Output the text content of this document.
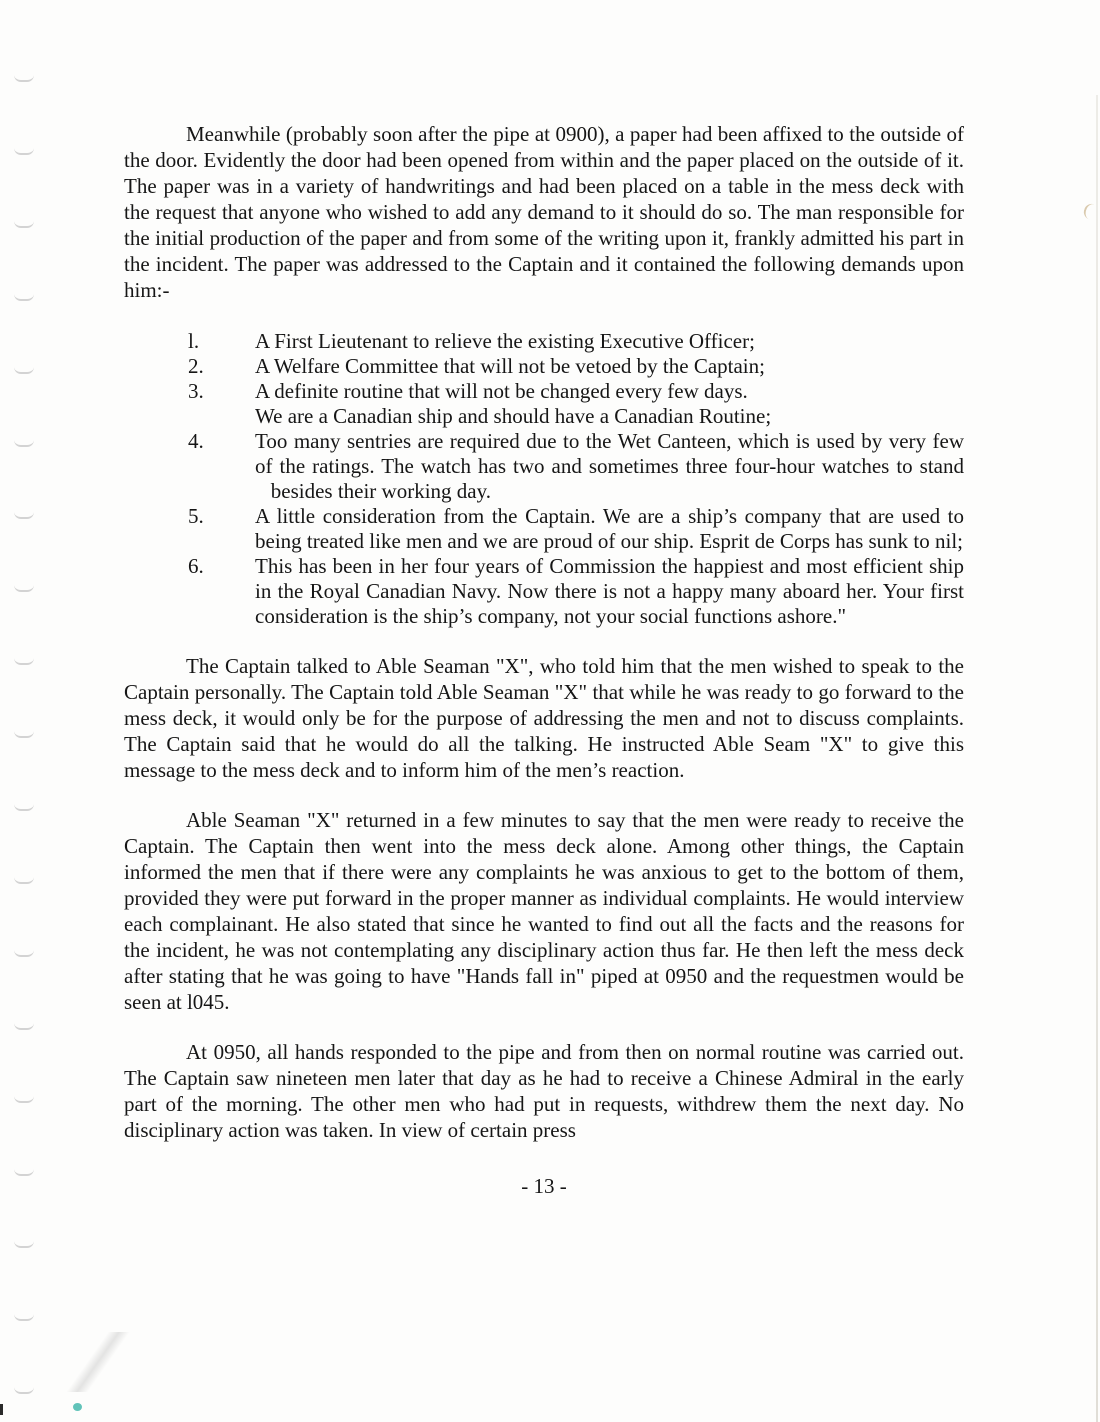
Meanwhile (probably soon after the pipe at 0900), a paper had been affixed to the outside of the door. Evidently the door had been opened from within and the paper placed on the outside of it. The paper was in a variety of handwritings and had been placed on a table in the mess deck with the request that anyone who wished to add any demand to it should do so. The man responsible for the initial production of the paper and from some of the writing upon it, frankly admitted his part in the incident. The paper was addressed to the Captain and it contained the following demands upon him:-
l.	A First Lieutenant to relieve the existing Executive Officer;
2. A Welfare Committee that will not be vetoed by the Captain;
3. A definite routine that will not be changed every few days.
We are a Canadian ship and should have a Canadian Routine;
4. Too many sentries are required due to the Wet Canteen, which is used by very few of the ratings. The watch has two and sometimes three four-hour watches to stand    besides their working day.
5. A little consideration from the Captain. We are a ship’s company that are used to being treated like men and we are proud of our ship. Esprit de Corps has sunk to nil;
6. This has been in her four years of Commission the happiest and most efficient ship in the Royal Canadian Navy. Now there is not a happy many aboard her. Your first consideration is the ship’s company, not your social functions ashore."
The Captain talked to Able Seaman "X", who told him that the men wished to speak to the Captain personally. The Captain told Able Seaman "X" that while he was ready to go forward to the mess deck, it would only be for the purpose of addressing the men and not to discuss complaints. The Captain said that he would do all the talking. He instructed Able Seam "X" to give this message to the mess deck and to inform him of the men’s reaction.
Able Seaman "X" returned in a few minutes to say that the men were ready to receive the Captain. The Captain then went into the mess deck alone. Among other things, the Captain informed the men that if there were any complaints he was anxious to get to the bottom of them, provided they were put forward in the proper manner as individual complaints. He would interview each complainant. He also stated that since he wanted to find out all the facts and the reasons for the incident, he was not contemplating any disciplinary action thus far. He then left the mess deck after stating that he was going to have "Hands fall in" piped at 0950 and the requestmen would be seen at l045.
At 0950, all hands responded to the pipe and from then on normal routine was carried out. The Captain saw nineteen men later that day as he had to receive a Chinese Admiral in the early part of the morning. The other men who had put in requests, withdrew them the next day. No disciplinary action was taken. In view of certain press
- 13 -
